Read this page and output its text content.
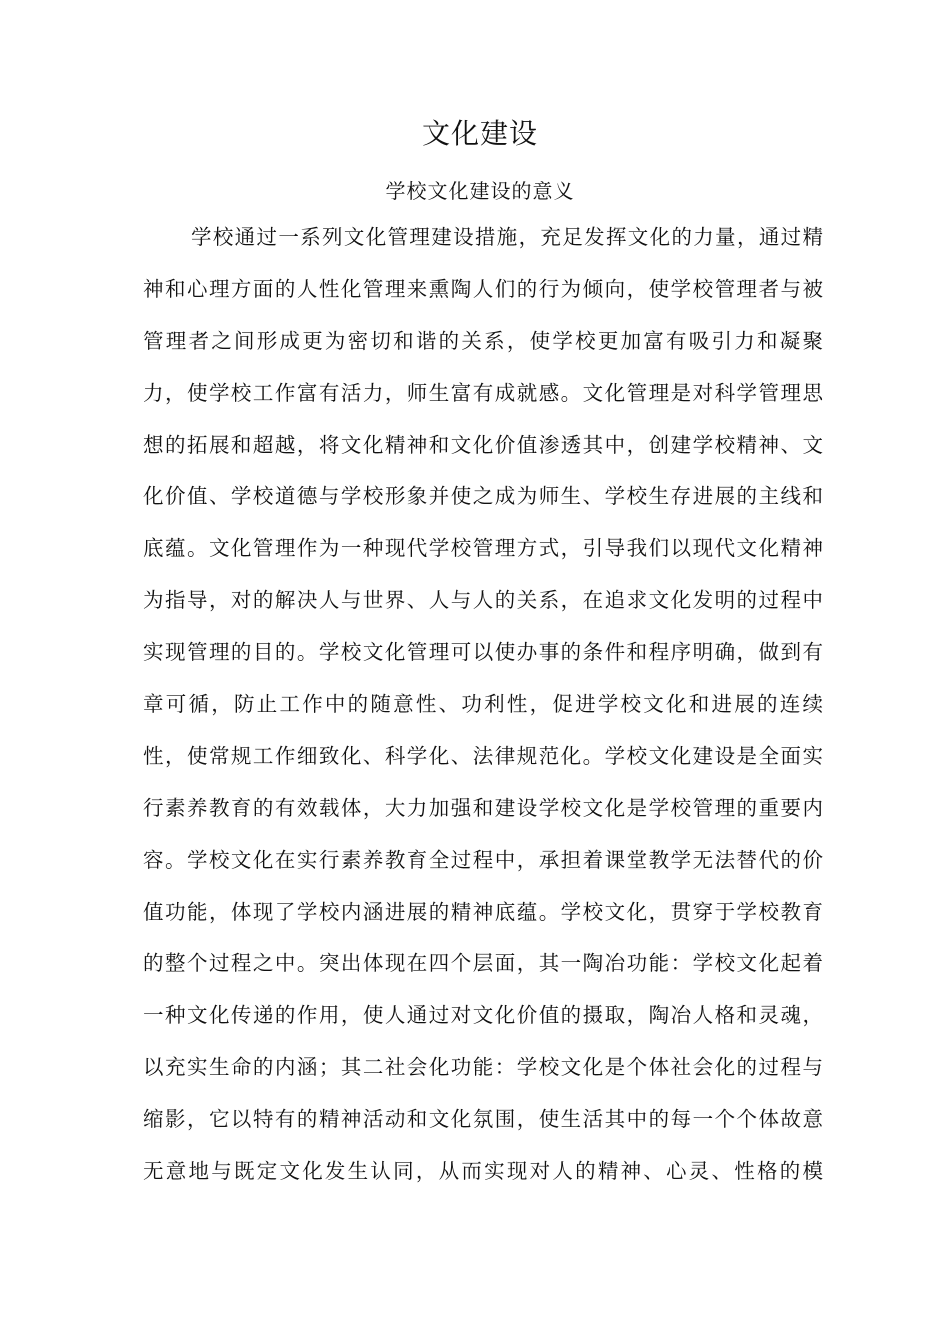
文化建设
学校文化建设的意义
学校通过一系列文化管理建设措施，充足发挥文化的力量，通过精
神和心理方面的人性化管理来熏陶人们的行为倾向，使学校管理者与被
管理者之间形成更为密切和谐的关系，使学校更加富有吸引力和凝聚
力，使学校工作富有活力，师生富有成就感。文化管理是对科学管理思
想的拓展和超越，将文化精神和文化价值渗透其中，创建学校精神、文
化价值、学校道德与学校形象并使之成为师生、学校生存进展的主线和
底蕴。文化管理作为一种现代学校管理方式，引导我们以现代文化精神
为指导，对的解决人与世界、人与人的关系，在追求文化发明的过程中
实现管理的目的。学校文化管理可以使办事的条件和程序明确，做到有
章可循，防止工作中的随意性、功利性，促进学校文化和进展的连续
性，使常规工作细致化、科学化、法律规范化。学校文化建设是全面实
行素养教育的有效载体，大力加强和建设学校文化是学校管理的重要内
容。学校文化在实行素养教育全过程中，承担着课堂教学无法替代的价
值功能，体现了学校内涵进展的精神底蕴。学校文化，贯穿于学校教育
的整个过程之中。突出体现在四个层面，其一陶冶功能：学校文化起着
一种文化传递的作用，使人通过对文化价值的摄取，陶冶人格和灵魂，
以充实生命的内涵；其二社会化功能：学校文化是个体社会化的过程与
缩影，它以特有的精神活动和文化氛围，使生活其中的每一个个体故意
无意地与既定文化发生认同，从而实现对人的精神、心灵、性格的模
